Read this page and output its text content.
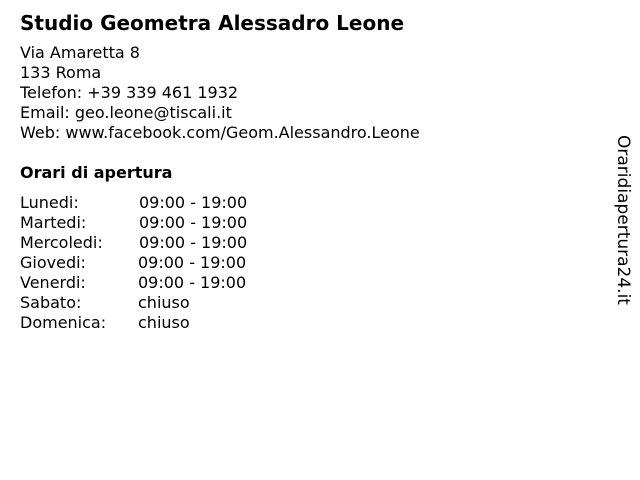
Studio Geometra Alessadro Leone
Via Amaretta 8
133 Roma
Telefon: +39 339 461 1932
Email: geo.leone@tiscali.it
Web: www.facebook.com/Geom.Alessandro.Leone
Orari di apertura
Lunedi:	09:00 - 19:00
Martedi:	09:00 - 19:00
Mercoledi: 09:00 - 19:00
Giovedi:	09:00 - 19:00
Venerdi:	09:00 - 19:00
Sabato:	chiuso
Domenica: chiuso
Oraridiapertura24.it
